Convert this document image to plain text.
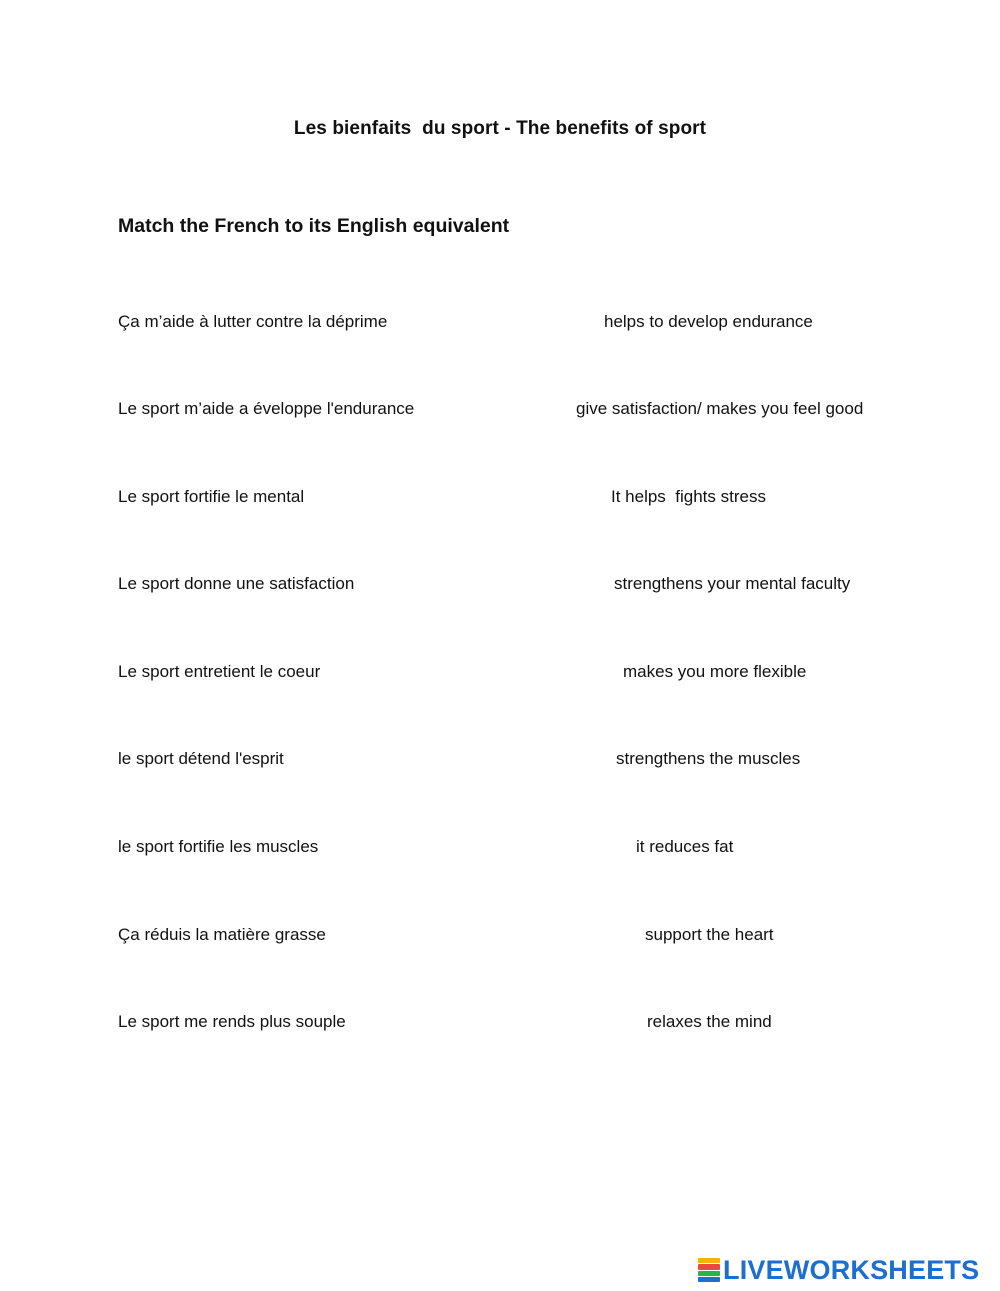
Les bienfaits  du sport - The benefits of sport
Match the French to its English equivalent
Ça m’aide à lutter contre la déprime	helps to develop endurance
Le sport m’aide a éveloppe l'endurance	give satisfaction/ makes you feel good
Le sport fortifie le mental	It helps  fights stress
Le sport donne une satisfaction	strengthens your mental faculty
Le sport entretient le coeur	makes you more flexible
le sport détend l'esprit	strengthens the muscles
le sport fortifie les muscles	it reduces fat
Ça réduis la matière grasse	support the heart
Le sport me rends plus souple	relaxes the mind
LIVEWORKSHEETS
